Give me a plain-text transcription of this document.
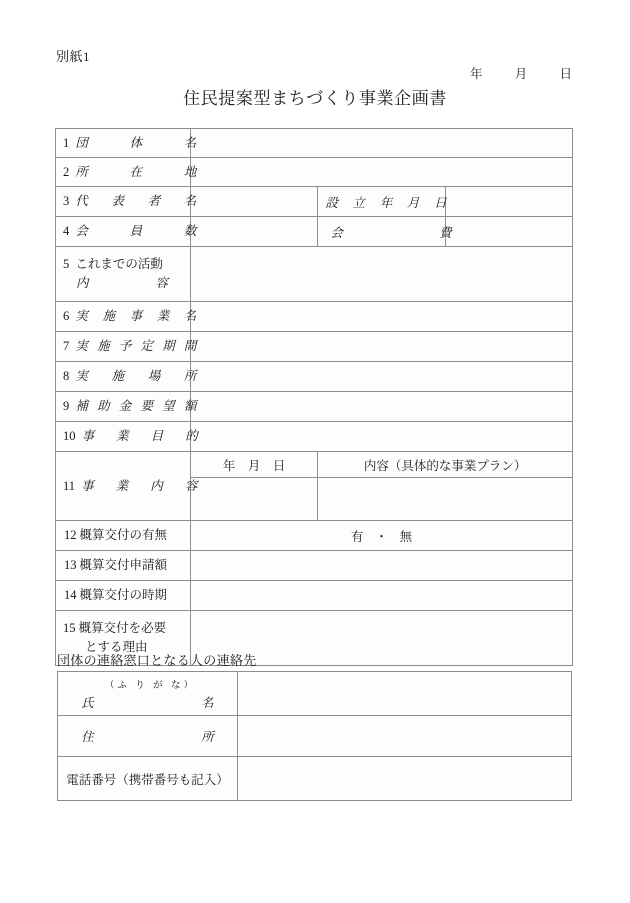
別紙1
年	月	日
住民提案型まちづくり事業企画書
1 団 体 名			

2 所 在 地			

3 代 表 者 名		設 立 年 月 日	

4 会 員 数		会 費	

5 これまでの活動
内 容			

6 実 施 事 業 名

7 実 施 予 定 期 間

8 実 施 場 所			

9 補 助 金 要 望 額

10 事 業 目 的			

11 事 業 内 容	年　月　日	内容（具体的な事業プラン）	

12 概算交付の有無	有 ・ 無		

13 概算交付申請額			

14 概算交付の時期			

15 概算交付を必要
とする理由			

団体の連絡窓口となる人の連絡先
（ふ り が な）
氏 名	

住 所	

電話番号（携帯番号も記入）	
